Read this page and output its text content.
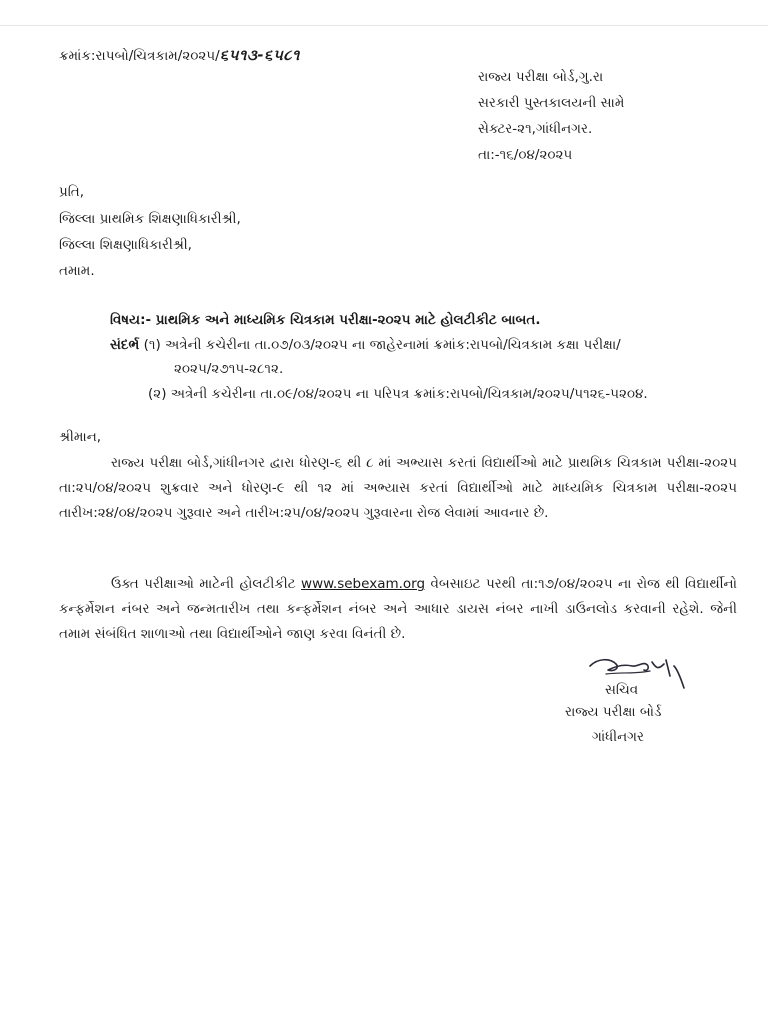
ક્રમાંક:રાપબો/ચિત્રકામ/૨૦૨૫/૬૫૧૩-૬૫૮૧
રાજ્ય પરીક્ષા બોર્ડ,ગુ.રા
સરકારી પુસ્તકાલયની સામે
સેક્ટર-૨૧,ગાંધીનગર.
તા:-૧૬/૦૪/૨૦૨૫
પ્રતિ,
જિલ્લા પ્રાથમિક શિક્ષણાધિકારીશ્રી,
જિલ્લા શિક્ષણાધિકારીશ્રી,
તમામ.
વિષય:- પ્રાથમિક અને માધ્યમિક ચિત્રકામ પરીક્ષા-૨૦૨૫ માટે હોલટીકીટ બાબત.
સંદર્ભ (૧) અત્રેની કચેરીના તા.૦૭/૦૩/૨૦૨૫ ના જાહેરનામાં ક્રમાંક:રાપબો/ચિત્રકામ કક્ષા પરીક્ષા/
૨૦૨૫/૨૭૧૫-૨૮૧૨.
(૨) અત્રેની કચેરીના તા.૦૯/૦૪/૨૦૨૫ ના પરિપત્ર ક્રમાંક:રાપબો/ચિત્રકામ/૨૦૨૫/૫૧૨૬-૫૨૦૪.
શ્રીમાન,
રાજ્ય પરીક્ષા બોર્ડ,ગાંધીનગર દ્વારા ધોરણ-૬ થી ૮ માં અભ્યાસ કરતાં વિદ્યાર્થીઓ માટે પ્રાથમિક ચિત્રકામ પરીક્ષા-૨૦૨૫ તા:૨૫/૦૪/૨૦૨૫ શુક્રવાર અને ધોરણ-૯ થી ૧૨ માં અભ્યાસ કરતાં વિદ્યાર્થીઓ માટે માધ્યમિક ચિત્રકામ પરીક્ષા-૨૦૨૫ તારીખ:૨૪/૦૪/૨૦૨૫ ગુરૂવાર અને તારીખ:૨૫/૦૪/૨૦૨૫ ગુરૂવારના રોજ લેવામાં આવનાર છે.
ઉક્ત પરીક્ષાઓ માટેની હોલટીકીટ www.sebexam.org વેબસાઇટ પરથી તા:૧૭/૦૪/૨૦૨૫ ના રોજ થી વિદ્યાર્થીનો કન્ફર્મેશન નંબર અને જન્મતારીખ તથા કન્ફર્મેશન નંબર અને આધાર ડાયસ નંબર નાખી ડાઉનલોડ કરવાની રહેશે. જેની તમામ સંબંધિત શાળાઓ તથા વિદ્યાર્થીઓને જાણ કરવા વિનંતી છે.
સચિવ
રાજ્ય પરીક્ષા બોર્ડ
ગાંધીનગર
